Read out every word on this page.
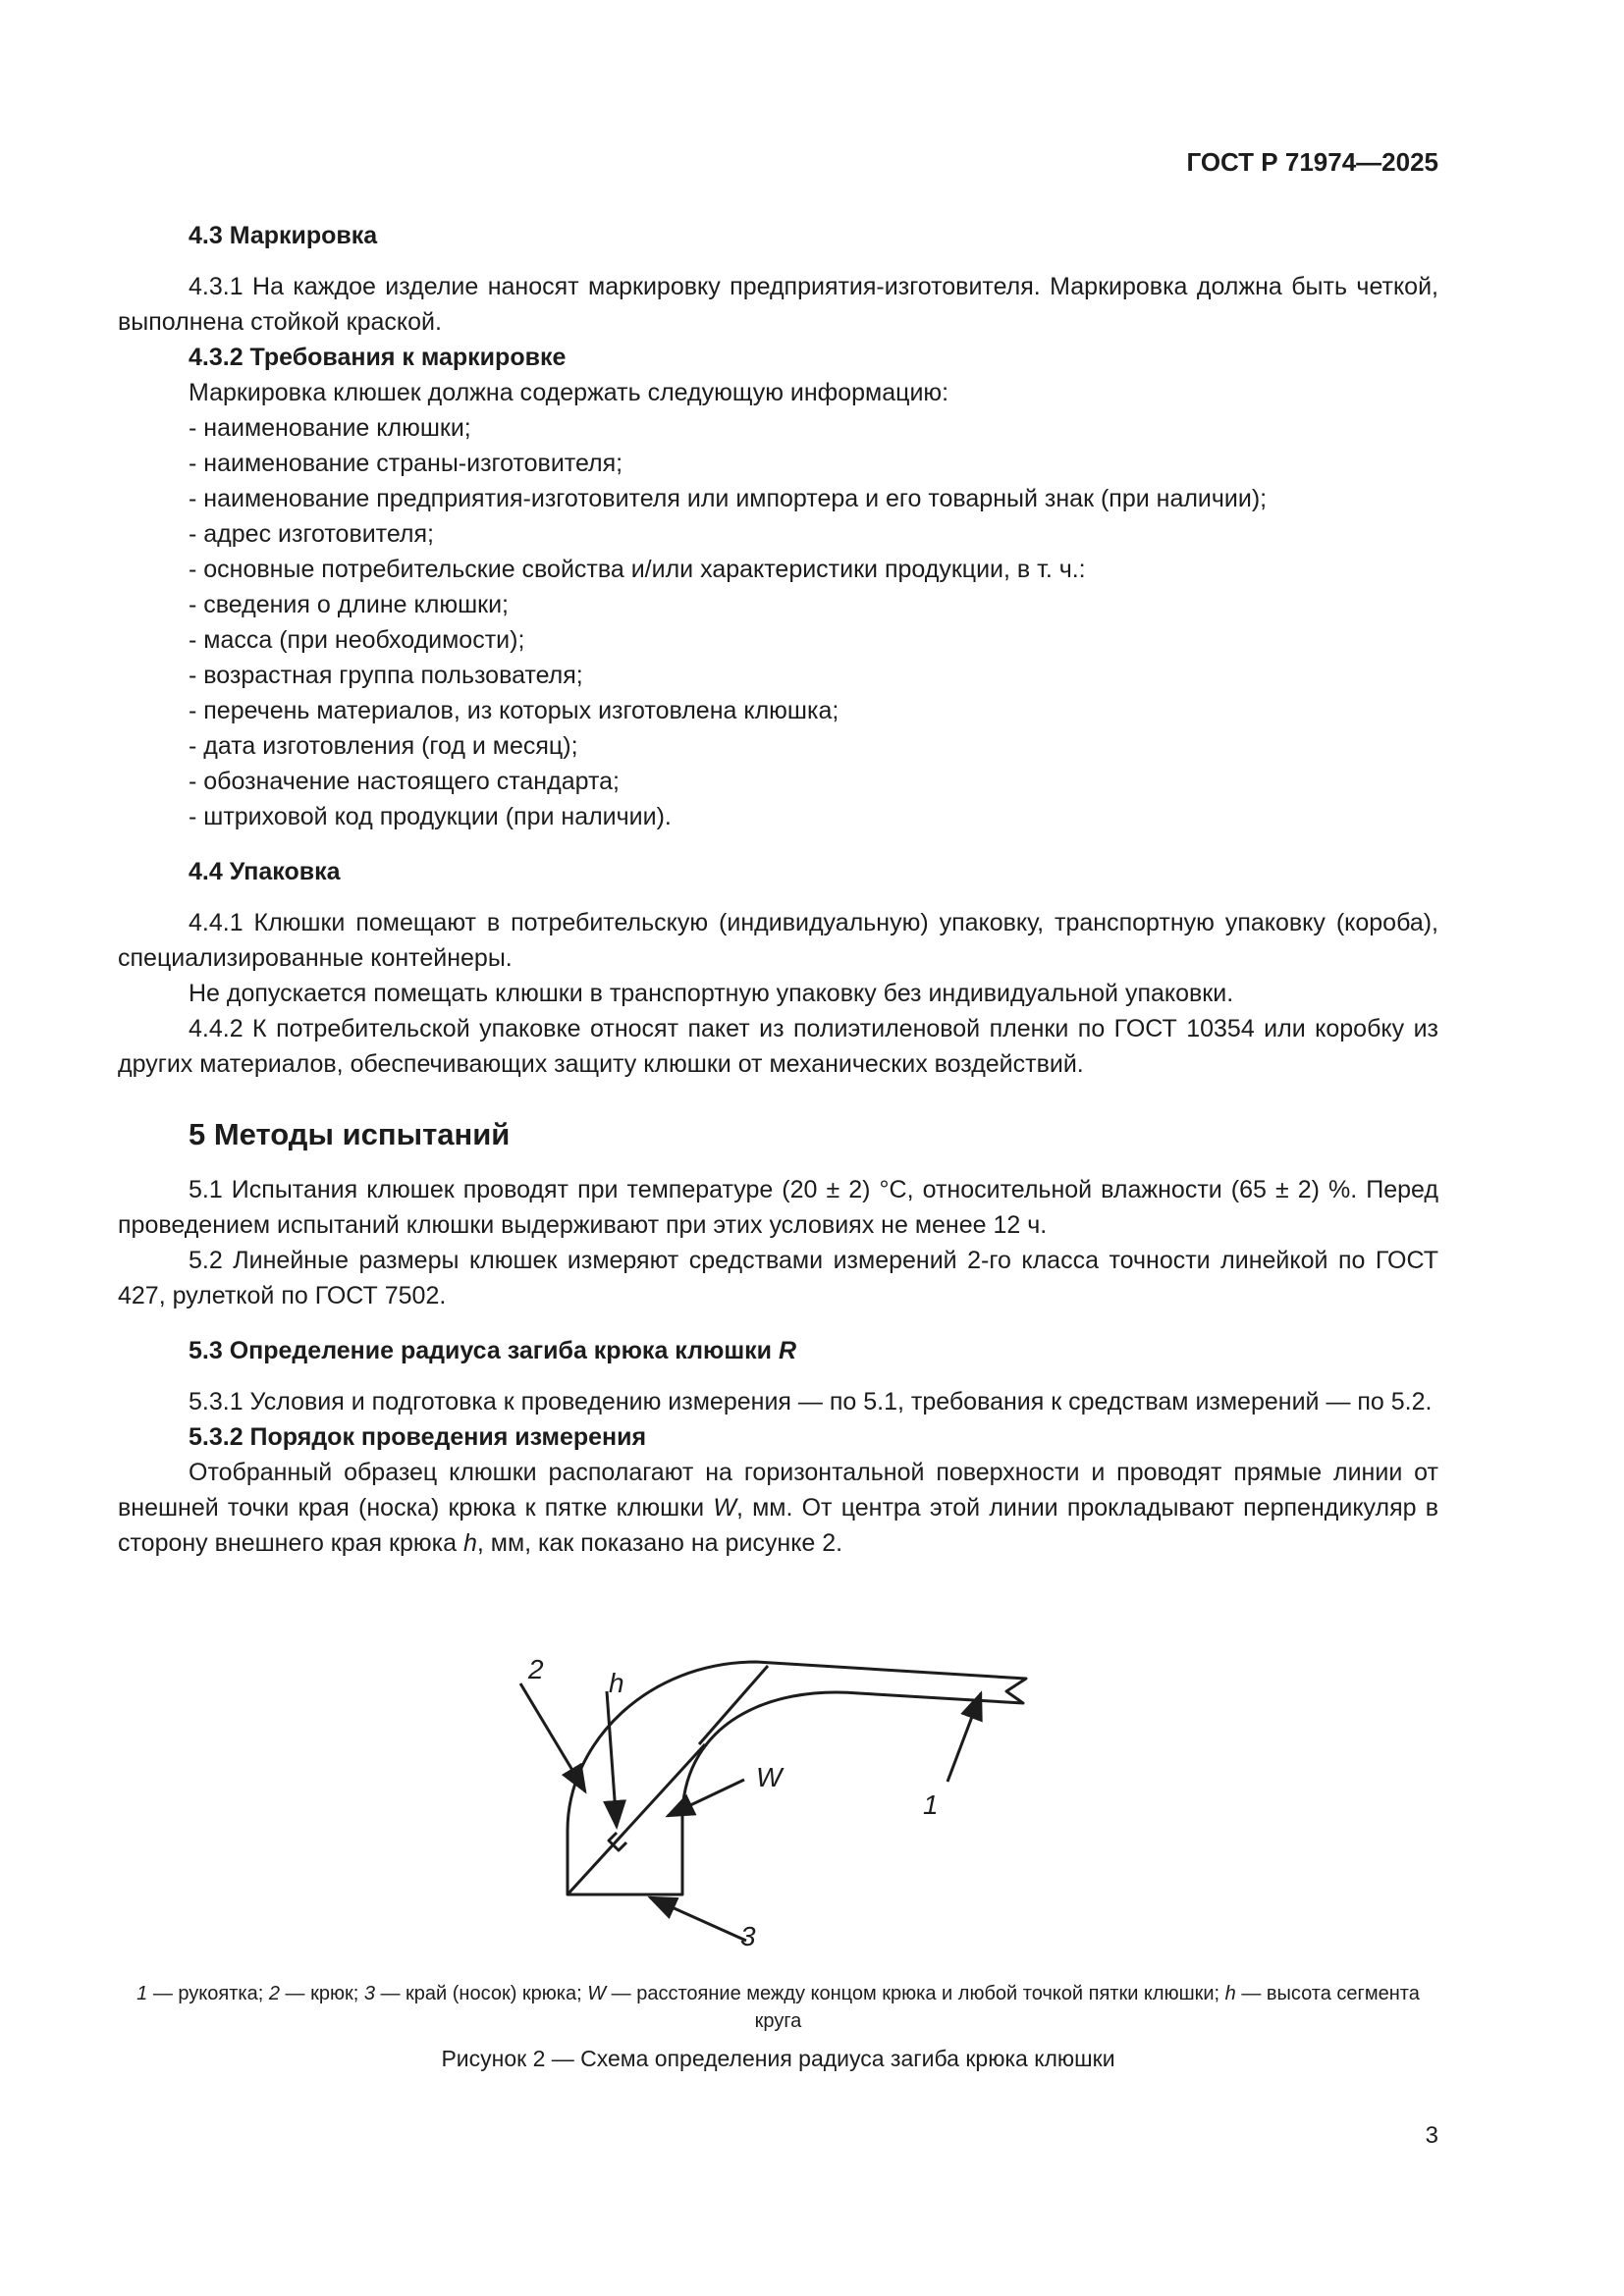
ГОСТ Р 71974—2025
4.3 Маркировка

4.3.1 На каждое изделие наносят маркировку предприятия-изготовителя. Маркировка должна быть четкой, выполнена стойкой краской.

4.3.2 Требования к маркировке
Маркировка клюшек должна содержать следующую информацию:
- наименование клюшки;
- наименование страны-изготовителя;
- наименование предприятия-изготовителя или импортера и его товарный знак (при наличии);
- адрес изготовителя;
- основные потребительские свойства и/или характеристики продукции, в т. ч.:
- сведения о длине клюшки;
- масса (при необходимости);
- возрастная группа пользователя;
- перечень материалов, из которых изготовлена клюшка;
- дата изготовления (год и месяц);
- обозначение настоящего стандарта;
- штриховой код продукции (при наличии).
4.4 Упаковка

4.4.1 Клюшки помещают в потребительскую (индивидуальную) упаковку, транспортную упаковку (короба), специализированные контейнеры.

Не допускается помещать клюшки в транспортную упаковку без индивидуальной упаковки.

4.4.2 К потребительской упаковке относят пакет из полиэтиленовой пленки по ГОСТ 10354 или коробку из других материалов, обеспечивающих защиту клюшки от механических воздействий.

5 Методы испытаний

5.1 Испытания клюшек проводят при температуре (20 ± 2) °С, относительной влажности (65 ± 2) %. Перед проведением испытаний клюшки выдерживают при этих условиях не менее 12 ч.

5.2 Линейные размеры клюшек измеряют средствами измерений 2-го класса точности линейкой по ГОСТ 427, рулеткой по ГОСТ 7502.

5.3 Определение радиуса загиба крюка клюшки R

5.3.1 Условия и подготовка к проведению измерения — по 5.1, требования к средствам измерений — по 5.2.

5.3.2 Порядок проведения измерения

Отобранный образец клюшки располагают на горизонтальной поверхности и проводят прямые линии от внешней точки края (носка) крюка к пятке клюшки W, мм. От центра этой линии прокладывают перпендикуляр в сторону внешнего края крюка h, мм, как показано на рисунке 2.

2 h
W
1
3
1 — рукоятка; 2 — крюк; 3 — край (носок) крюка; W — расстояние между концом крюка и любой точкой пятки клюшки; h — высота сегмента круга
Рисунок 2 — Схема определения радиуса загиба крюка клюшки
3
